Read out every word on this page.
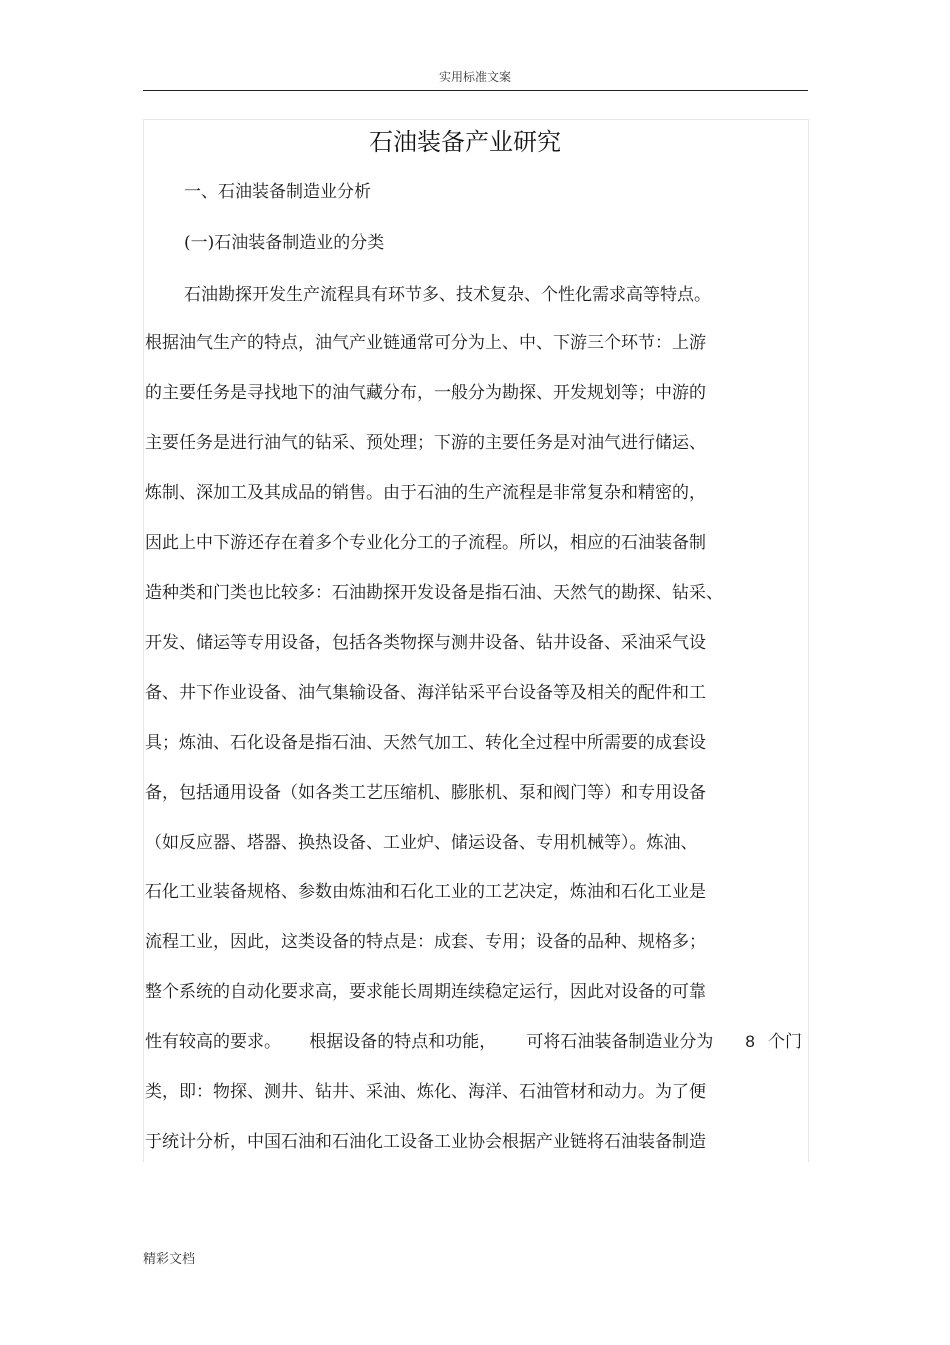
实用标准文案
石油装备产业研究
一、石油装备制造业分析
(一)石油装备制造业的分类
石油勘探开发生产流程具有环节多、技术复杂、个性化需求高等特点。
根据油气生产的特点，油气产业链通常可分为上、中、下游三个环节：上游
的主要任务是寻找地下的油气藏分布，一般分为勘探、开发规划等；中游的
主要任务是进行油气的钻采、预处理；下游的主要任务是对油气进行储运、
炼制、深加工及其成品的销售。由于石油的生产流程是非常复杂和精密的，
因此上中下游还存在着多个专业化分工的子流程。所以，相应的石油装备制
造种类和门类也比较多：石油勘探开发设备是指石油、天然气的勘探、钻采、
开发、储运等专用设备，包括各类物探与测井设备、钻井设备、采油采气设
备、井下作业设备、油气集输设备、海洋钻采平台设备等及相关的配件和工
具；炼油、石化设备是指石油、天然气加工、转化全过程中所需要的成套设
备，包括通用设备（如各类工艺压缩机、膨胀机、泵和阀门等）和专用设备
（如反应器、塔器、换热设备、工业炉、储运设备、专用机械等）。炼油、
石化工业装备规格、参数由炼油和石化工业的工艺决定，炼油和石化工业是
流程工业，因此，这类设备的特点是：成套、专用；设备的品种、规格多；
整个系统的自动化要求高，要求能长周期连续稳定运行，因此对设备的可靠
性有较高的要求。 根据设备的特点和功能， 可将石油装备制造业分为 8 个门
类，即：物探、测井、钻井、采油、炼化、海洋、石油管材和动力。为了便
于统计分析，中国石油和石油化工设备工业协会根据产业链将石油装备制造
精彩文档
